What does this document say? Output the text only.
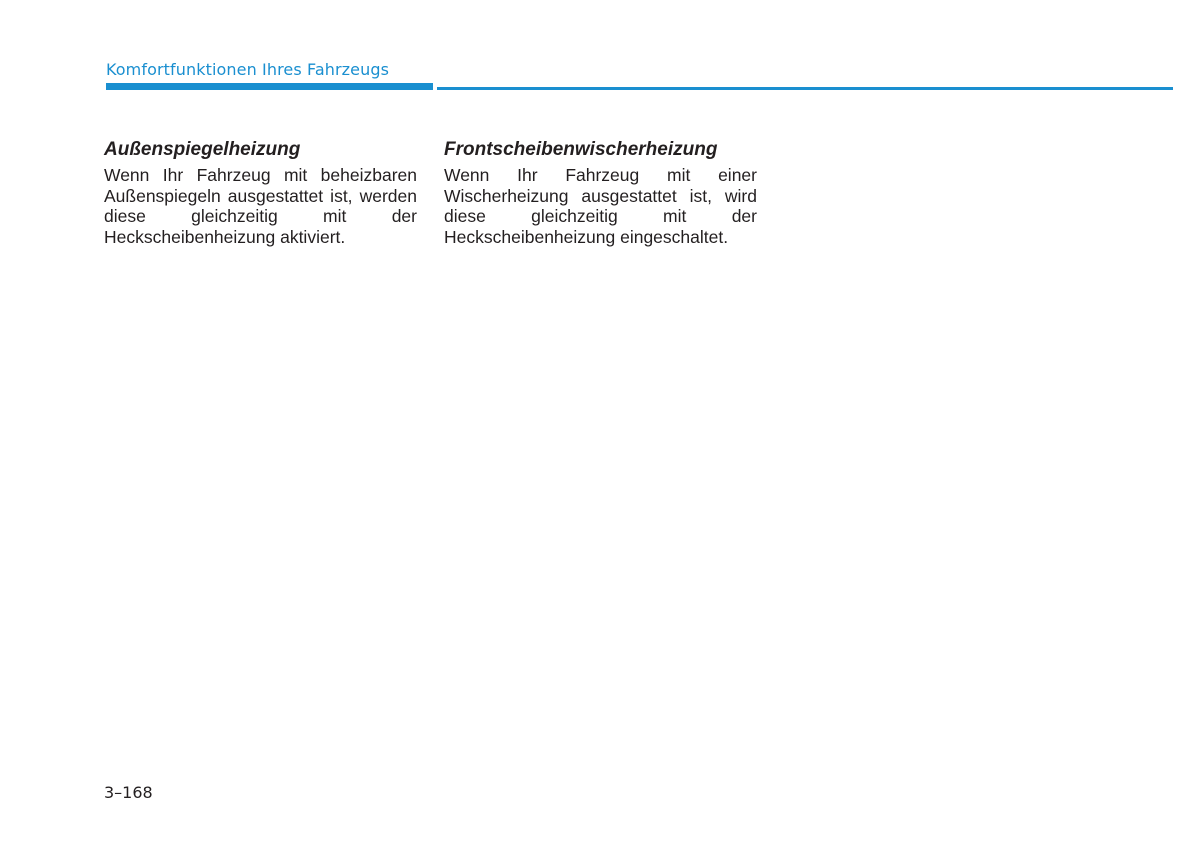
Komfortfunktionen Ihres Fahrzeugs
Außenspiegelheizung

Wenn Ihr Fahrzeug mit beheizbaren Außenspiegeln ausgestattet ist, werden diese gleichzeitig mit der Heckscheibenheizung aktiviert.

Frontscheibenwischerheizung

Wenn Ihr Fahrzeug mit einer Wischerheizung ausgestattet ist, wird diese gleichzeitig mit der Heckscheibenheizung eingeschaltet.

3–168
